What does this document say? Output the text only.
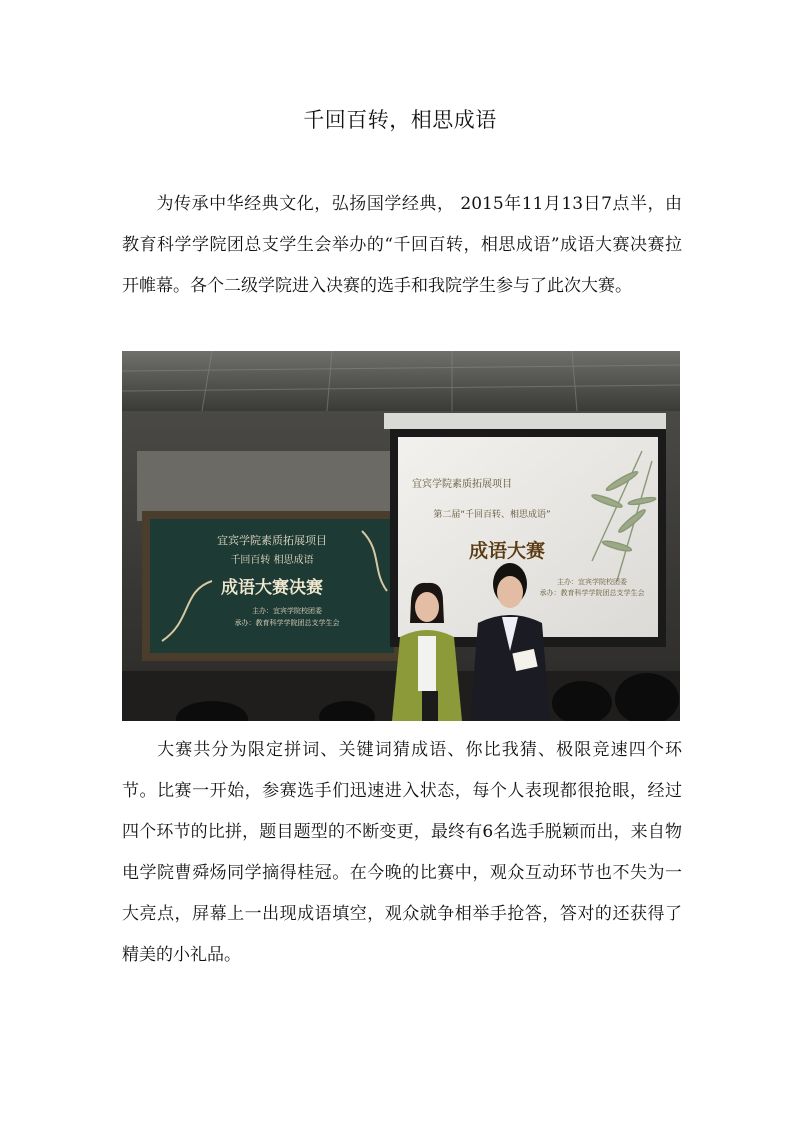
千回百转，相思成语

为传承中华经典文化，弘扬国学经典， 2015年11月13日7点半，由教育科学学院团总支学生会举办的“千回百转，相思成语”成语大赛决赛拉开帷幕。各个二级学院进入决赛的选手和我院学生参与了此次大赛。

宜宾学院素质拓展项目
千回百转 相思成语
成语大赛决赛
主办：宜宾学院校团委
承办：教育科学学院团总支学生会
宜宾学院素质拓展项目
第二届“千回百转、相思成语”
成语大赛
主办：宜宾学院校团委
承办：教育科学学院团总支学生会

大赛共分为限定拼词、关键词猜成语、你比我猜、极限竞速四个环节。比赛一开始，参赛选手们迅速进入状态，每个人表现都很抢眼，经过四个环节的比拼，题目题型的不断变更，最终有6名选手脱颖而出，来自物电学院曹舜炀同学摘得桂冠。在今晚的比赛中，观众互动环节也不失为一大亮点，屏幕上一出现成语填空，观众就争相举手抢答，答对的还获得了精美的小礼品。
